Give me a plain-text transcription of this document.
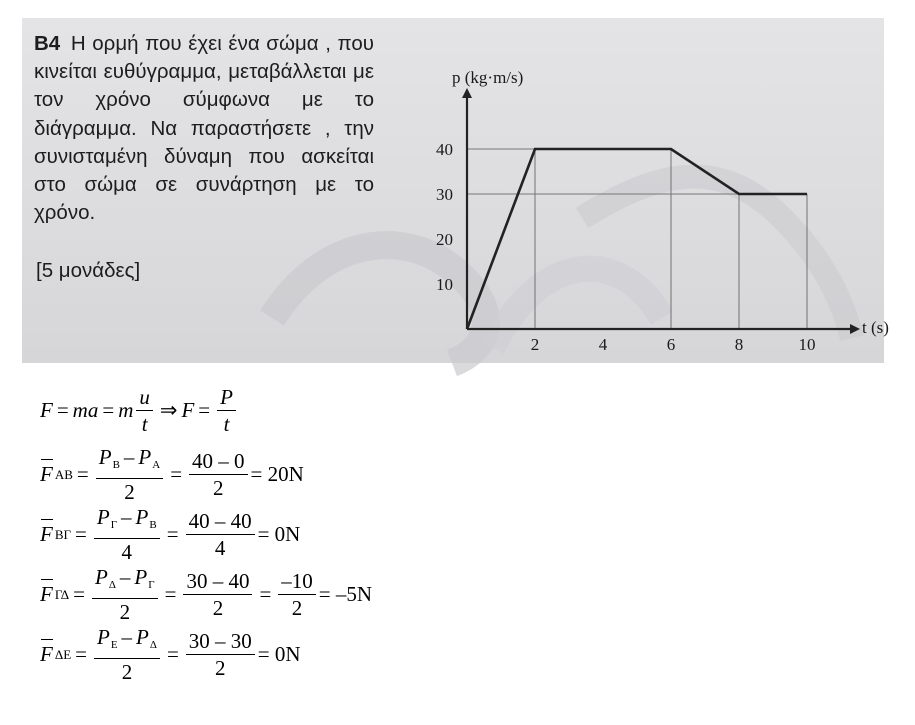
B4 Η ορμή που έχει ένα σώμα , που κινείται ευθύγραμμα, μεταβάλλεται με τον χρόνο σύμφωνα με το διάγραμμα. Να παραστήσετε , την συνισταμένη δύναμη που ασκείται στο σώμα σε συνάρτηση με το χρόνο.
[5 μονάδες]
2	4	6	8	10
10
20
30
40
p (kg·m/s)
t (s)
F = ma = m $\frac{u}{t}$ ⇒ $F = \frac{P}{t}$
F AB = $\frac{PB - PA}{2} = \frac{40 - 0}{2} = 20N$
F $B\Gamma = \frac{P\Gamma - PB}{4} = \frac{40 - 40}{4} = 0N$
F $\Gamma\Delta = \frac{P\Delta - P\Gamma}{2} = \frac{30 - 40}{2} = \frac{-10}{2} = -5N$
F $\Delta E = \frac{PE - P\Delta}{2} = \frac{30 - 30}{2} = 0N$
